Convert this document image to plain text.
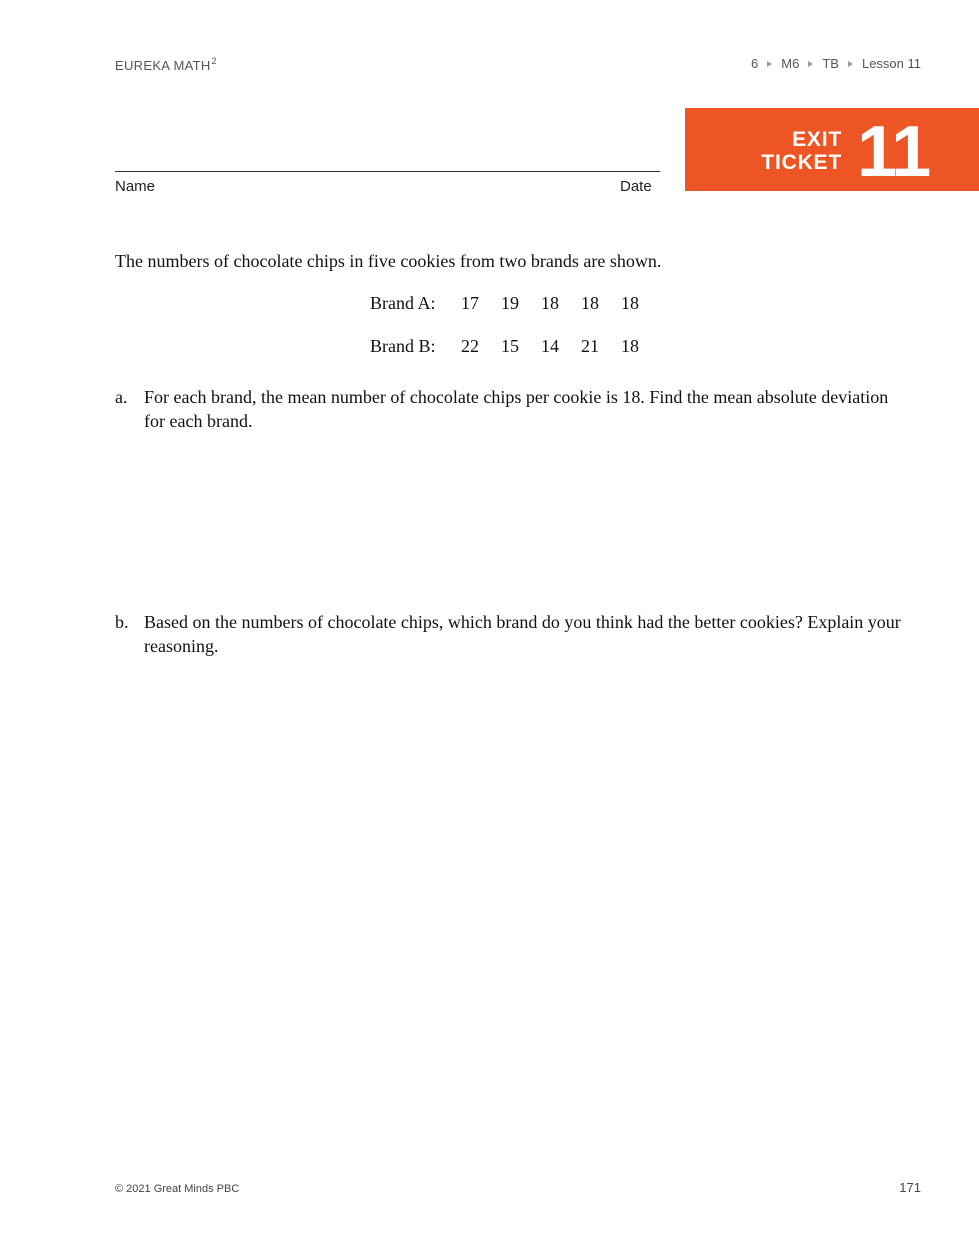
EUREKA MATH$^2$	6 M6 TB Lesson 11
Name	Date
EXIT
TICKET 11
The numbers of chocolate chips in five cookies from two brands are shown.
Brand A:	17	19	18	18	18
Brand B:	22	15	14	21	18
a. For each brand, the mean number of chocolate chips per cookie is 18. Find the mean absolute deviation for each brand.
b. Based on the numbers of chocolate chips, which brand do you think had the better cookies? Explain your reasoning.
© 2021 Great Minds PBC	171
